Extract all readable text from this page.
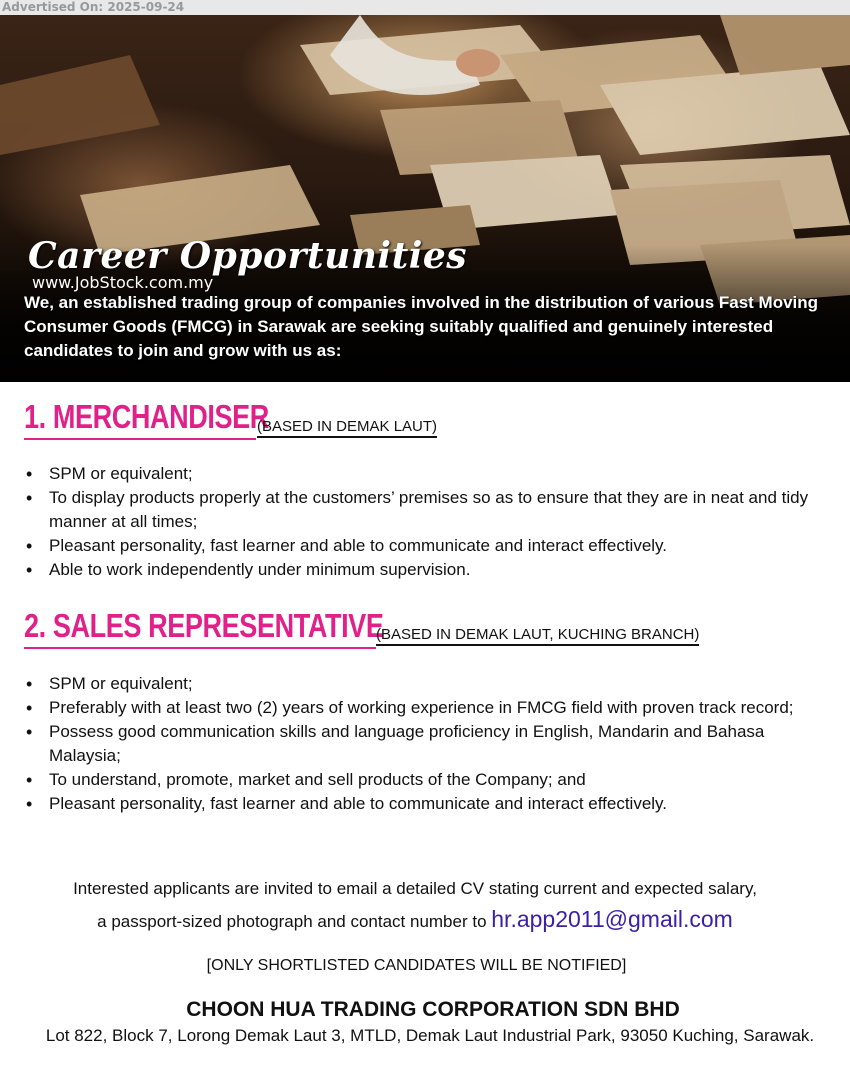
Advertised On: 2025-09-24
Career Opportunities
www.JobStock.com.my
We, an established trading group of companies involved in the distribution of various Fast Moving Consumer Goods (FMCG) in Sarawak are seeking suitably qualified and genuinely interested candidates to join and grow with us as:
1. MERCHANDISER
(BASED IN DEMAK LAUT)
• SPM or equivalent;
• To display products properly at the customers’ premises so as to ensure that they are in neat and tidy manner at all times;
• Pleasant personality, fast learner and able to communicate and interact effectively.
• Able to work independently under minimum supervision.
2. SALES REPRESENTATIVE
(BASED IN DEMAK LAUT, KUCHING BRANCH)
• SPM or equivalent;
• Preferably with at least two (2) years of working experience in FMCG field with proven track record;
• Possess good communication skills and language proficiency in English, Mandarin and Bahasa Malaysia;
• To understand, promote, market and sell products of the Company; and
• Pleasant personality, fast learner and able to communicate and interact effectively.
Interested applicants are invited to email a detailed CV stating current and expected salary,
a passport-sized photograph and contact number to hr.app2011@gmail.com
[ONLY SHORTLISTED CANDIDATES WILL BE NOTIFIED]
CHOON HUA TRADING CORPORATION SDN BHD
Lot 822, Block 7, Lorong Demak Laut 3, MTLD, Demak Laut Industrial Park, 93050 Kuching, Sarawak.
